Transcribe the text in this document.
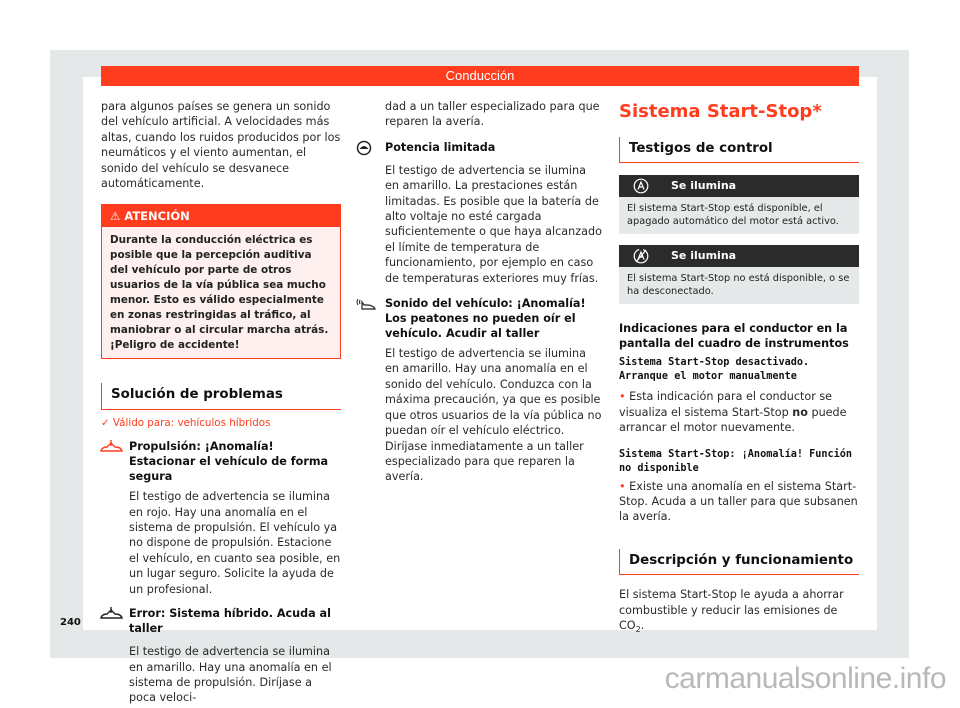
Conducción

para algunos países se genera un sonido del vehículo artificial. A velocidades más altas, cuando los ruidos producidos por los neumáticos y el viento aumentan, el sonido del vehículo se desvanece automáticamente.

⚠ ATENCIÓN
Durante la conducción eléctrica es posible que la percepción auditiva del vehículo por parte de otros usuarios de la vía pública sea mucho menor. Esto es válido especialmente en zonas restringidas al tráfico, al maniobrar o al circular marcha atrás. ¡Peligro de accidente!
Solución de problemas
✓ Válido para: vehículos híbridos
Propulsión: ¡Anomalía! Estacionar el vehículo de forma segura
El testigo de advertencia se ilumina en rojo. Hay una anomalía en el sistema de propulsión. El vehículo ya no dispone de propulsión. Estacione el vehículo, en cuanto sea posible, en un lugar seguro. Solicite la ayuda de un profesional.
Error: Sistema híbrido. Acuda al taller
El testigo de advertencia se ilumina en amarillo. Hay una anomalía en el sistema de propulsión. Diríjase a poca veloci-

dad a un taller especializado para que reparen la avería.

Potencia limitada
El testigo de advertencia se ilumina en amarillo. La prestaciones están limitadas. Es posible que la batería de alto voltaje no esté cargada suficientemente o que haya alcanzado el límite de temperatura de funcionamiento, por ejemplo en caso de temperaturas exteriores muy frías.
Sonido del vehículo: ¡Anomalía! Los peatones no pueden oír el vehículo. Acudir al taller
El testigo de advertencia se ilumina en amarillo. Hay una anomalía en el sonido del vehículo. Conduzca con la máxima precaución, ya que es posible que otros usuarios de la vía pública no puedan oír el vehículo eléctrico. Diríjase inmediatamente a un taller especializado para que reparen la avería.
Sistema Start-Stop*
Testigos de control
Se ilumina
El sistema Start-Stop está disponible, el apagado automático del motor está activo.
Se ilumina
El sistema Start-Stop no está disponible, o se ha desconectado.
Indicaciones para el conductor en la pantalla del cuadro de instrumentos
Sistema Start-Stop desactivado. Arranque el motor manualmente

• Esta indicación para el conductor se visualiza el sistema Start-Stop no puede arrancar el motor nuevamente.

Sistema Start-Stop: ¡Anomalía! Función no disponible

• Existe una anomalía en el sistema Start-Stop. Acuda a un taller para que subsanen la avería.

Descripción y funcionamiento

El sistema Start-Stop le ayuda a ahorrar combustible y reducir las emisiones de $CO_2$.

240
carmanualsonline.info
